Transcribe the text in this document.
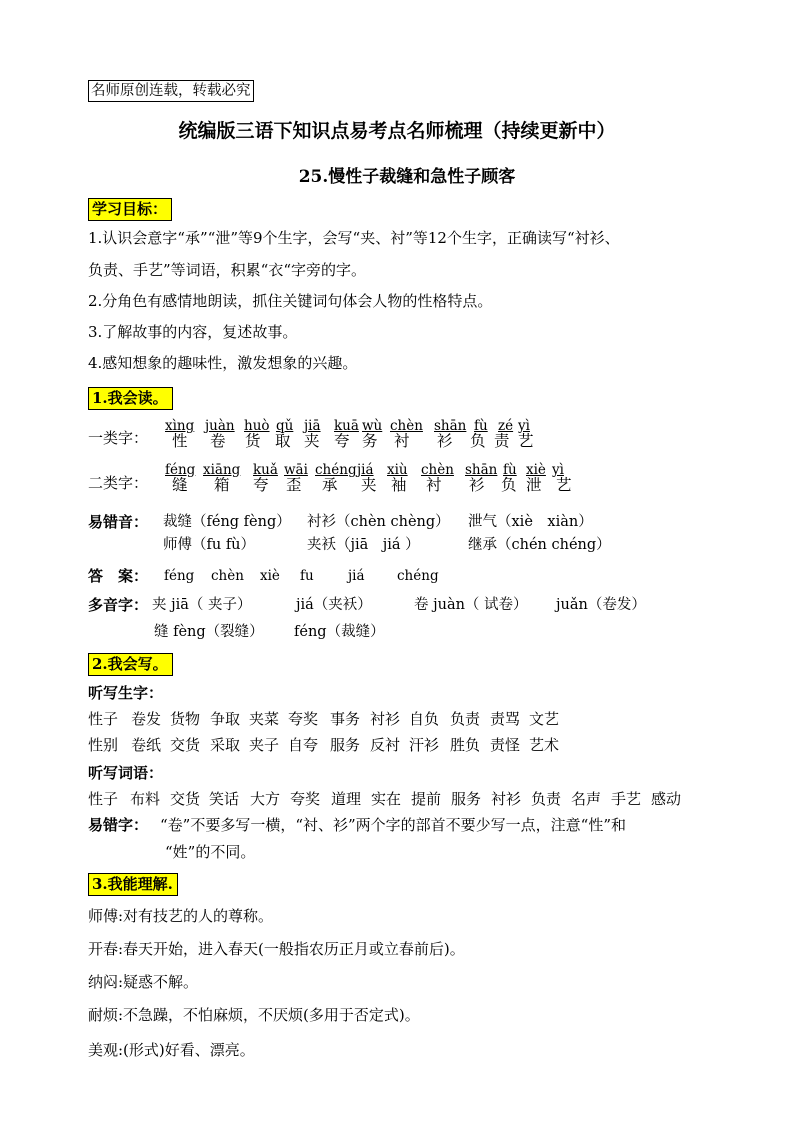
名师原创连载，转载必究
统编版三语下知识点易考点名师梳理（持续更新中）
25.慢性子裁缝和急性子顾客
学习目标：
1.认识会意字“承”“泄”等9个生字，会写“夹、衬”等12个生字，正确读写“衬衫、
负责、手艺”等词语，积累“衣“字旁的字。
2.分角色有感情地朗读，抓住关键词句体会人物的性格特点。
3.了解故事的内容，复述故事。
4.感知想象的趣味性，激发想象的兴趣。
1.我会读。
一类字：
xìng juàn huò qǔ jiā kuā wù chèn shān fù zé yì
性 卷 货 取 夹 夸 务 衬 衫 负 责 艺
二类字：
féng xiāng kuǎ wāi chéng jiá xiù chèn shān fù xiè yì
缝 箱 夸 歪 承 夹 袖 衬 衫 负 泄 艺
易错音： 裁缝（féng fèng） 衬衫（chèn chèng） 泄气（xiè　xiàn）
师傅（fu fù）	夹袄（jiā　jiá ）	继承（chén chéng）
答　案： féng chèn xiè fu	jiá chéng
多音字： 夹 jiā（ 夹子）	jiá（夹袄）	卷 juàn（ 试卷） juǎn（卷发）
缝 fèng（裂缝） féng（裁缝）
2.我会写。
听写生字：
性子 卷发 货物 争取 夹菜 夸奖 事务 衬衫 自负 负责 责骂 文艺
性别 卷纸 交货 采取 夹子 自夸 服务 反衬 汗衫 胜负 责怪 艺术
听写词语：
性子 布料 交货 笑话 大方 夸奖 道理 实在 提前 服务 衬衫 负责 名声 手艺 感动
易错字： “卷”不要多写一横，“衬、衫”两个字的部首不要少写一点，注意“性”和
“姓”的不同。
3.我能理解.
师傅:对有技艺的人的尊称。
开春:春天开始，进入春天(一般指农历正月或立春前后)。
纳闷:疑惑不解。
耐烦:不急躁，不怕麻烦，不厌烦(多用于否定式)。
美观:(形式)好看、漂亮。
